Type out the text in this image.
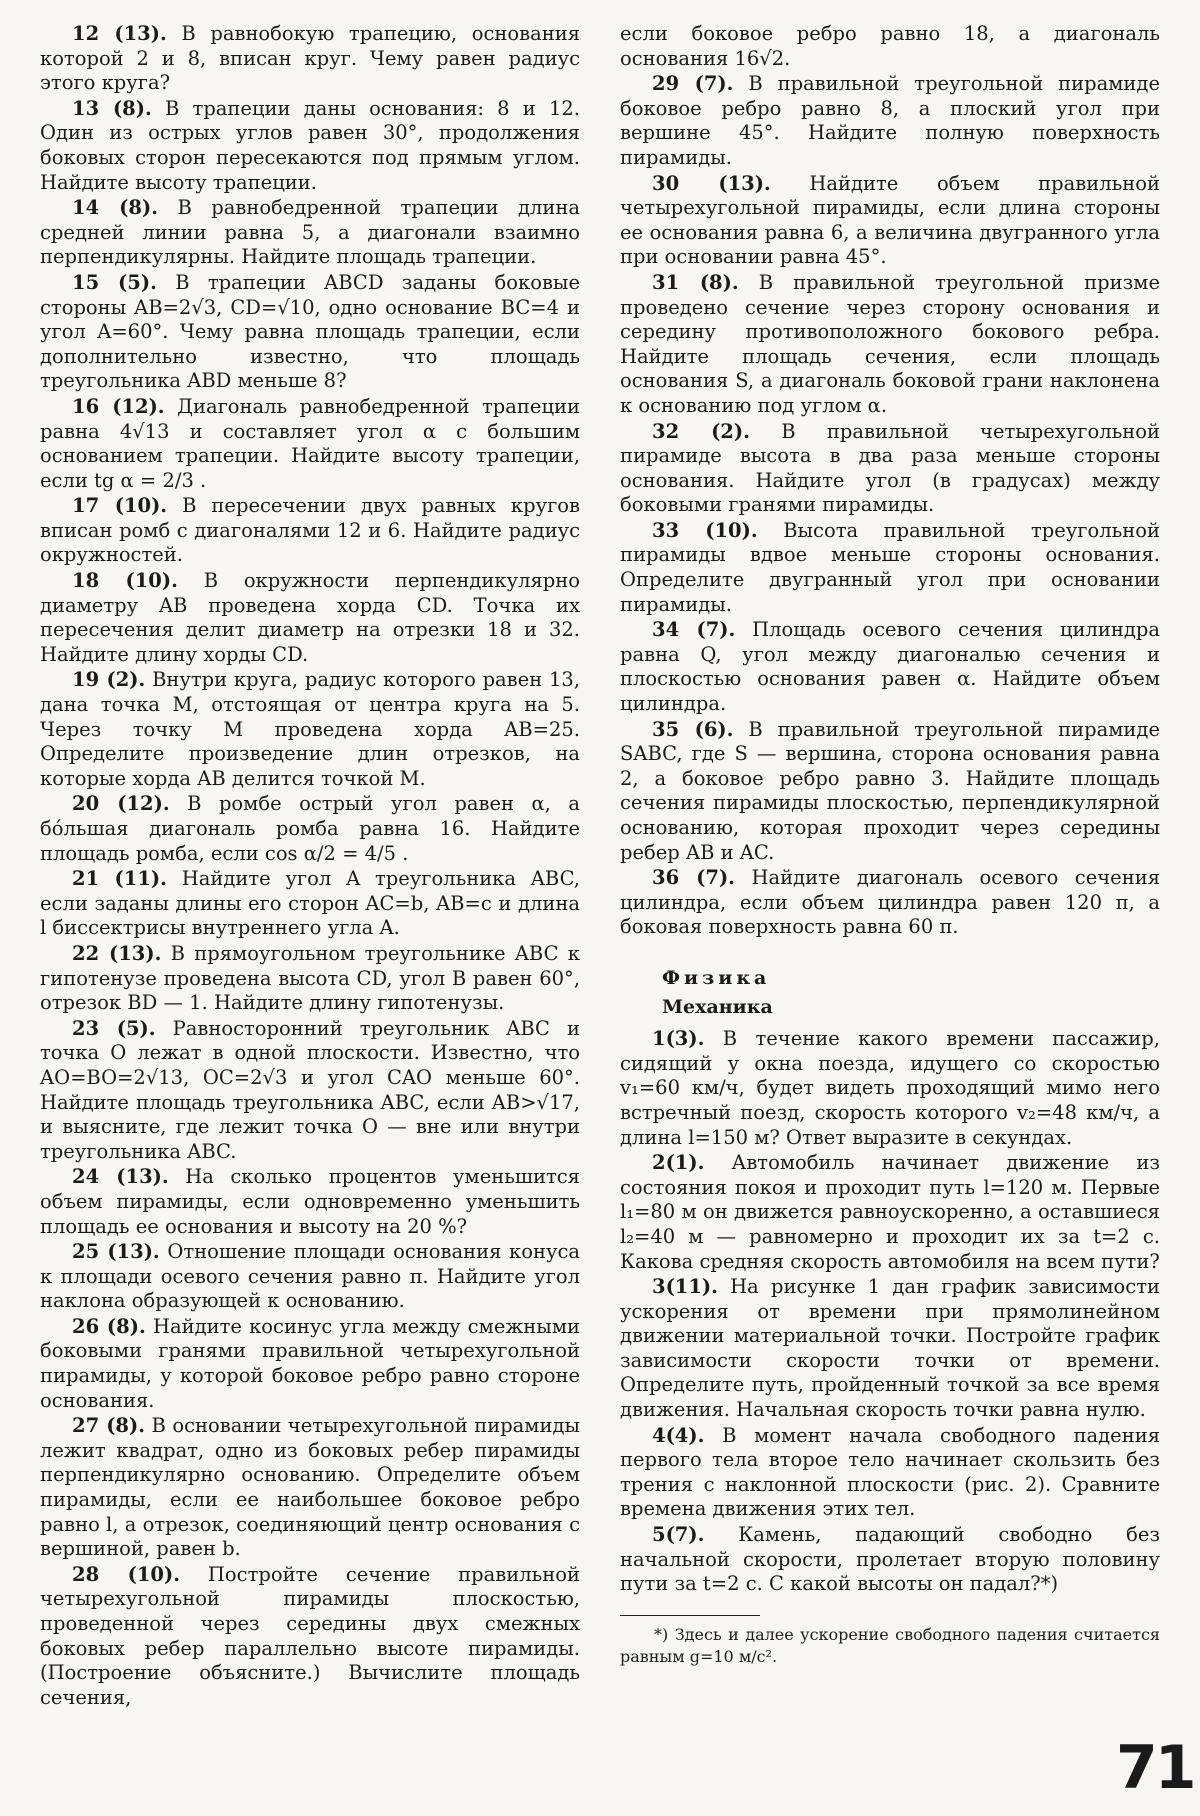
12 (13). В равнобокую трапецию, основания которой 2 и 8, вписан круг. Чему равен радиус этого круга?

13 (8). В трапеции даны основания: 8 и 12. Один из острых углов равен 30°, продолжения боковых сторон пересекаются под прямым углом. Найдите высоту трапеции.

14 (8). В равнобедренной трапеции длина средней линии равна 5, а диагонали взаимно перпендикулярны. Найдите площадь трапеции.

15 (5). В трапеции ABCD заданы боковые стороны AB=2√3, CD=√10, одно основание BC=4 и угол A=60°. Чему равна площадь трапеции, если дополнительно известно, что площадь треугольника ABD меньше 8?

16 (12). Диагональ равнобедренной трапеции равна 4√13 и составляет угол α с большим основанием трапеции. Найдите высоту трапеции, если tg α = 2/3 .

17 (10). В пересечении двух равных кругов вписан ромб с диагоналями 12 и 6. Найдите радиус окружностей.

18 (10). В окружности перпендикулярно диаметру AB проведена хорда CD. Точка их пересечения делит диаметр на отрезки 18 и 32. Найдите длину хорды CD.

19 (2). Внутри круга, радиус которого равен 13, дана точка M, отстоящая от центра круга на 5. Через точку M проведена хорда AB=25. Определите произведение длин отрезков, на которые хорда AB делится точкой M.

20 (12). В ромбе острый угол равен α, а бóльшая диагональ ромба равна 16. Найдите площадь ромба, если cos α/2 = 4/5 .

21 (11). Найдите угол A треугольника ABC, если заданы длины его сторон AC=b, AB=c и длина l биссектрисы внутреннего угла A.

22 (13). В прямоугольном треугольнике ABC к гипотенузе проведена высота CD, угол B равен 60°, отрезок BD — 1. Найдите длину гипотенузы.

23 (5). Равносторонний треугольник ABC и точка O лежат в одной плоскости. Известно, что AO=BO=2√13, OC=2√3 и угол CAO меньше 60°. Найдите площадь треугольника ABC, если AB>√17, и выясните, где лежит точка O — вне или внутри треугольника ABC.

24 (13). На сколько процентов уменьшится объем пирамиды, если одновременно уменьшить площадь ее основания и высоту на 20 %?

25 (13). Отношение площади основания конуса к площади осевого сечения равно π. Найдите угол наклона образующей к основанию.

26 (8). Найдите косинус угла между смежными боковыми гранями правильной четырехугольной пирамиды, у которой боковое ребро равно стороне основания.

27 (8). В основании четырехугольной пирамиды лежит квадрат, одно из боковых ребер пирамиды перпендикулярно основанию. Определите объем пирамиды, если ее наибольшее боковое ребро равно l, а отрезок, соединяющий центр основания с вершиной, равен b.

28 (10). Постройте сечение правильной четырехугольной пирамиды плоскостью, проведенной через середины двух смежных боковых ребер параллельно высоте пирамиды. (Построение объясните.) Вычислите площадь сечения,

если боковое ребро равно 18, а диагональ основания 16√2.

29 (7). В правильной треугольной пирамиде боковое ребро равно 8, а плоский угол при вершине 45°. Найдите полную поверхность пирамиды.

30 (13). Найдите объем правильной четырехугольной пирамиды, если длина стороны ее основания равна 6, а величина двугранного угла при основании равна 45°.

31 (8). В правильной треугольной призме проведено сечение через сторону основания и середину противоположного бокового ребра. Найдите площадь сечения, если площадь основания S, а диагональ боковой грани наклонена к основанию под углом α.

32 (2). В правильной четырехугольной пирамиде высота в два раза меньше стороны основания. Найдите угол (в градусах) между боковыми гранями пирамиды.

33 (10). Высота правильной треугольной пирамиды вдвое меньше стороны основания. Определите двугранный угол при основании пирамиды.

34 (7). Площадь осевого сечения цилиндра равна Q, угол между диагональю сечения и плоскостью основания равен α. Найдите объем цилиндра.

35 (6). В правильной треугольной пирамиде SABC, где S — вершина, сторона основания равна 2, а боковое ребро равно 3. Найдите площадь сечения пирамиды плоскостью, перпендикулярной основанию, которая проходит через середины ребер AB и AC.

36 (7). Найдите диагональ осевого сечения цилиндра, если объем цилиндра равен 120 π, а боковая поверхность равна 60 π.

Физика
Механика

1(3). В течение какого времени пассажир, сидящий у окна поезда, идущего со скоростью v₁=60 км/ч, будет видеть проходящий мимо него встречный поезд, скорость которого v₂=48 км/ч, а длина l=150 м? Ответ выразите в секундах.

2(1). Автомобиль начинает движение из состояния покоя и проходит путь l=120 м. Первые l₁=80 м он движется равноускоренно, а оставшиеся l₂=40 м — равномерно и проходит их за t=2 с. Какова средняя скорость автомобиля на всем пути?

3(11). На рисунке 1 дан график зависимости ускорения от времени при прямолинейном движении материальной точки. Постройте график зависимости скорости точки от времени. Определите путь, пройденный точкой за все время движения. Начальная скорость точки равна нулю.

4(4). В момент начала свободного падения первого тела второе тело начинает скользить без трения с наклонной плоскости (рис. 2). Сравните времена движения этих тел.

5(7). Камень, падающий свободно без начальной скорости, пролетает вторую половину пути за t=2 с. С какой высоты он падал?*)

*) Здесь и далее ускорение свободного падения считается равным g=10 м/с².

71
